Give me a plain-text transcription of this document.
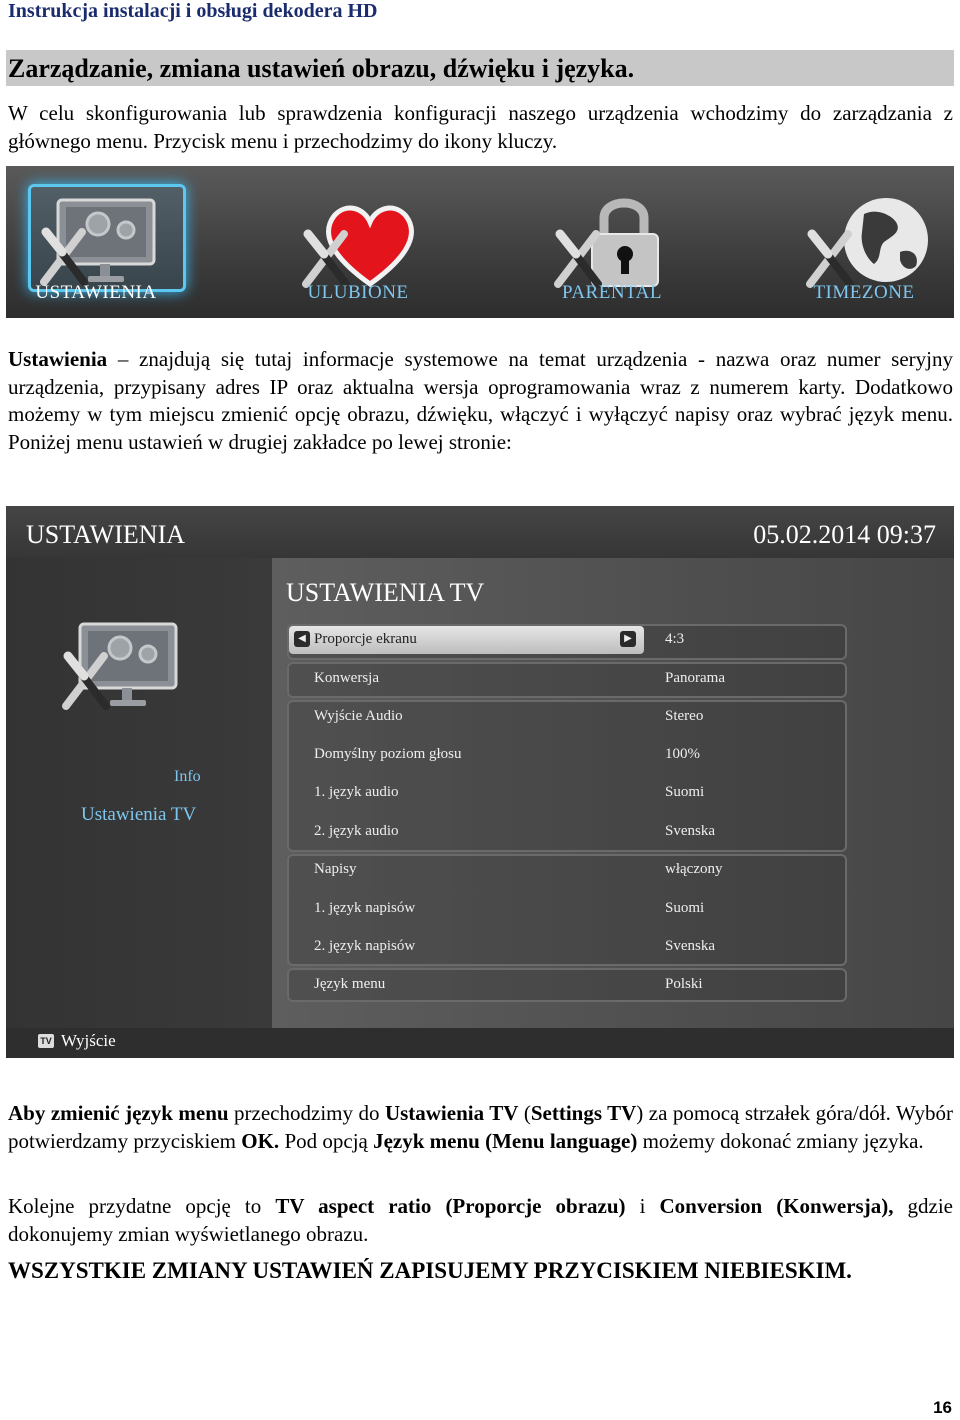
Instrukcja instalacji i obsługi dekodera HD
Zarządzanie, zmiana ustawień obrazu, dźwięku i języka.
W celu skonfigurowania lub sprawdzenia konfiguracji naszego urządzenia wchodzimy do zarządzania z głównego menu. Przycisk menu i przechodzimy do ikony kluczy.
USTAWIENIA	ULUBIONE	PARENTAL	TIMEZONE
Ustawienia – znajdują się tutaj informacje systemowe na temat urządzenia - nazwa oraz numer seryjny urządzenia, przypisany adres IP oraz aktualna wersja oprogramowania wraz z numerem karty. Dodatkowo możemy w tym miejscu zmienić opcję obrazu, dźwięku, włączyć i wyłączyć napisy oraz wybrać język menu. Poniżej menu ustawień w drugiej zakładce po lewej stronie:
USTAWIENIA	05.02.2014 09:37
USTAWIENIA TV
Info
Ustawienia TV
◀ Proporcje ekranu	▶ 4:3
Konwersja	Panorama
Wyjście Audio	Stereo
Domyślny poziom głosu	100%
1. język audio	Suomi
2. język audio	Svenska
Napisy	włączony
1. język napisów	Suomi
2. język napisów	Svenska
Język menu	Polski
TV Wyjście
Aby zmienić język menu przechodzimy do Ustawienia TV (Settings TV) za pomocą strzałek góra/dół. Wybór potwierdzamy przyciskiem OK. Pod opcją Język menu (Menu language) możemy dokonać zmiany języka.
Kolejne przydatne opcję to TV aspect ratio (Proporcje obrazu) i Conversion (Konwersja), gdzie dokonujemy zmian wyświetlanego obrazu.
WSZYSTKIE ZMIANY USTAWIEŃ ZAPISUJEMY PRZYCISKIEM NIEBIESKIM.
16
